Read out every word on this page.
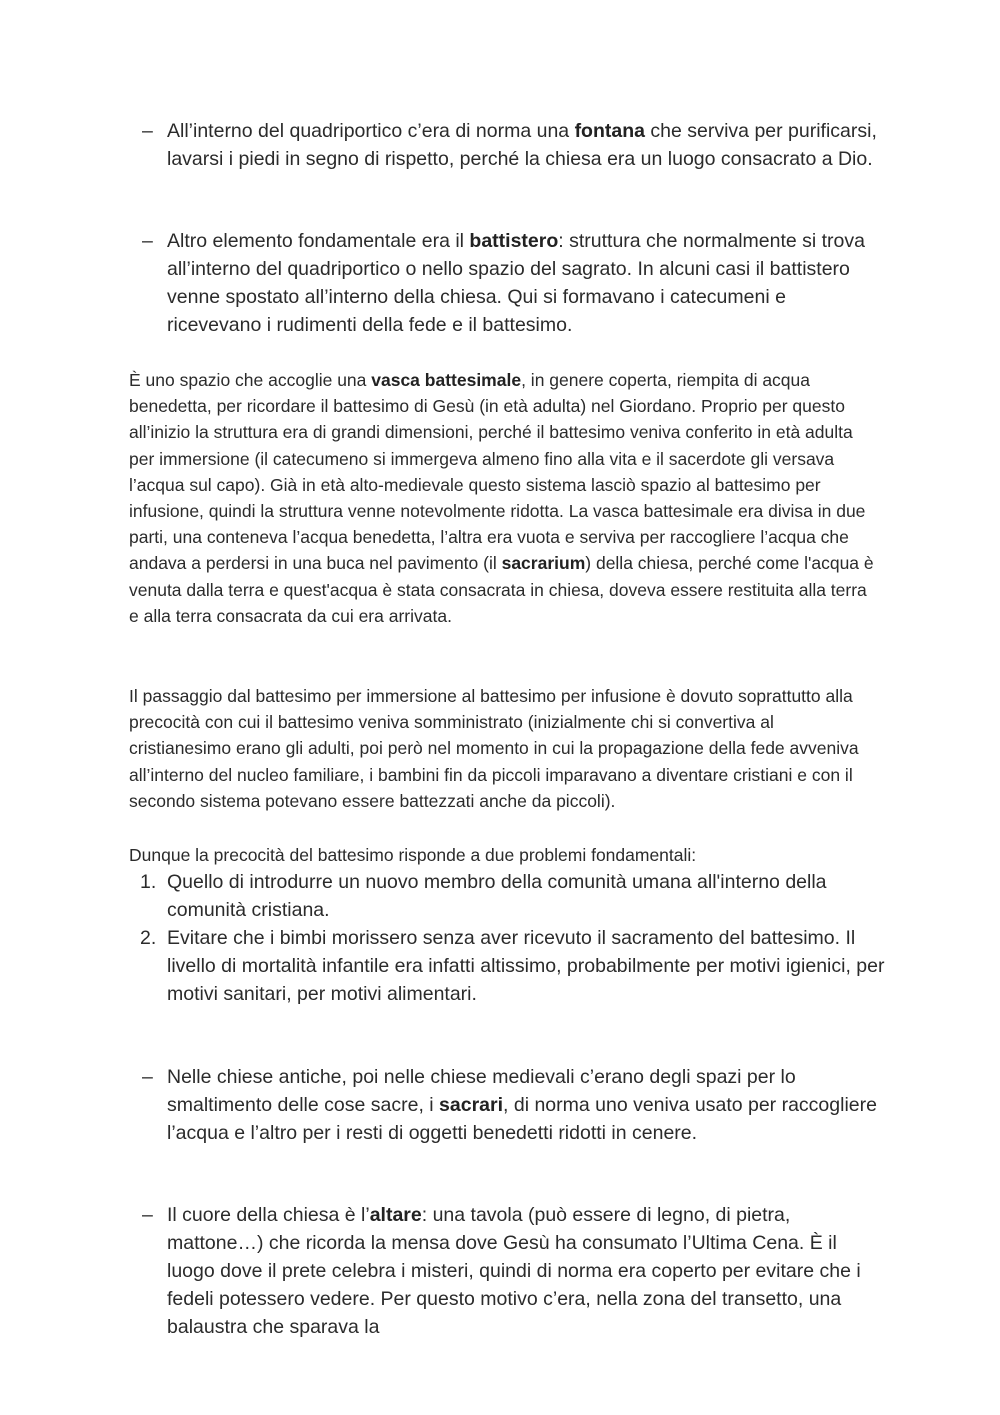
– All’interno del quadriportico c’era di norma una fontana che serviva per purificarsi, lavarsi i piedi in segno di rispetto, perché la chiesa era un luogo consacrato a Dio.
– Altro elemento fondamentale era il battistero: struttura che normalmente si trova all’interno del quadriportico o nello spazio del sagrato. In alcuni casi il battistero venne spostato all’interno della chiesa. Qui si formavano i catecumeni e ricevevano i rudimenti della fede e il battesimo.
È uno spazio che accoglie una vasca battesimale, in genere coperta, riempita di acqua benedetta, per ricordare il battesimo di Gesù (in età adulta) nel Giordano. Proprio per questo all’inizio la struttura era di grandi dimensioni, perché il battesimo veniva conferito in età adulta per immersione (il catecumeno si immergeva almeno fino alla vita e il sacerdote gli versava l’acqua sul capo). Già in età alto-medievale questo sistema lasciò spazio al battesimo per infusione, quindi la struttura venne notevolmente ridotta. La vasca battesimale era divisa in due parti, una conteneva l’acqua benedetta, l’altra era vuota e serviva per raccogliere l’acqua che andava a perdersi in una buca nel pavimento (il sacrarium) della chiesa, perché come l'acqua è venuta dalla terra e quest'acqua è stata consacrata in chiesa, doveva essere restituita alla terra e alla terra consacrata da cui era arrivata.
Il passaggio dal battesimo per immersione al battesimo per infusione è dovuto soprattutto alla precocità con cui il battesimo veniva somministrato (inizialmente chi si convertiva al cristianesimo erano gli adulti, poi però nel momento in cui la propagazione della fede avveniva all’interno del nucleo familiare, i bambini fin da piccoli imparavano a diventare cristiani e con il secondo sistema potevano essere battezzati anche da piccoli).
Dunque la precocità del battesimo risponde a due problemi fondamentali:
1. Quello di introdurre un nuovo membro della comunità umana all'interno della comunità cristiana.
2. Evitare che i bimbi morissero senza aver ricevuto il sacramento del battesimo. Il livello di mortalità infantile era infatti altissimo, probabilmente per motivi igienici, per motivi sanitari, per motivi alimentari.
– Nelle chiese antiche, poi nelle chiese medievali c’erano degli spazi per lo smaltimento delle cose sacre, i sacrari, di norma uno veniva usato per raccogliere l’acqua e l’altro per i resti di oggetti benedetti ridotti in cenere.
– Il cuore della chiesa è l’altare: una tavola (può essere di legno, di pietra, mattone…) che ricorda la mensa dove Gesù ha consumato l’Ultima Cena. È il luogo dove il prete celebra i misteri, quindi di norma era coperto per evitare che i fedeli potessero vedere. Per questo motivo c’era, nella zona del transetto, una balaustra che sparava la
